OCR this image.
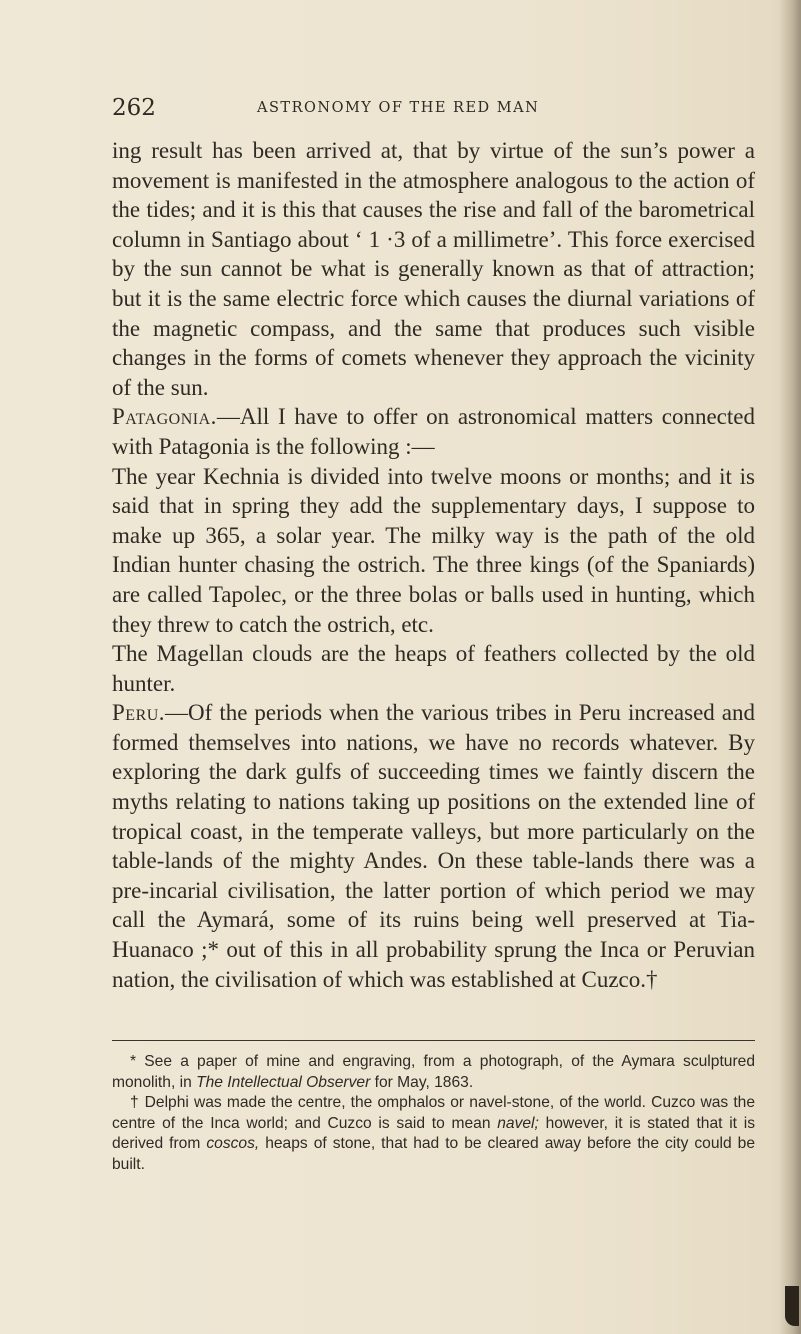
262	ASTRONOMY OF THE RED MAN

ing result has been arrived at, that by virtue of the sun’s power a movement is manifested in the atmosphere analogous to the action of the tides; and it is this that causes the rise and fall of the barometrical column in Santiago about ‘ 1 ·3 of a millimetre’. This force exercised by the sun cannot be what is generally known as that of attraction; but it is the same electric force which causes the diurnal variations of the magnetic compass, and the same that produces such visible changes in the forms of comets whenever they approach the vicinity of the sun.

Patagonia.—All I have to offer on astronomical matters connected with Patagonia is the following :—

The year Kechnia is divided into twelve moons or months; and it is said that in spring they add the supplementary days, I suppose to make up 365, a solar year. The milky way is the path of the old Indian hunter chasing the ostrich. The three kings (of the Spaniards) are called Tapolec, or the three bolas or balls used in hunting, which they threw to catch the ostrich, etc.

The Magellan clouds are the heaps of feathers collected by the old hunter.

Peru.—Of the periods when the various tribes in Peru increased and formed themselves into nations, we have no records whatever. By exploring the dark gulfs of succeeding times we faintly discern the myths relating to nations taking up positions on the extended line of tropical coast, in the temperate valleys, but more particularly on the table-lands of the mighty Andes. On these table-lands there was a pre-incarial civilisation, the latter portion of which period we may call the Aymará, some of its ruins being well preserved at Tia-Huanaco ;* out of this in all probability sprung the Inca or Peruvian nation, the civilisation of which was established at Cuzco.†

* See a paper of mine and engraving, from a photograph, of the Aymara sculptured monolith, in The Intellectual Observer for May, 1863.

† Delphi was made the centre, the omphalos or navel-stone, of the world. Cuzco was the centre of the Inca world; and Cuzco is said to mean navel; however, it is stated that it is derived from coscos, heaps of stone, that had to be cleared away before the city could be built.
